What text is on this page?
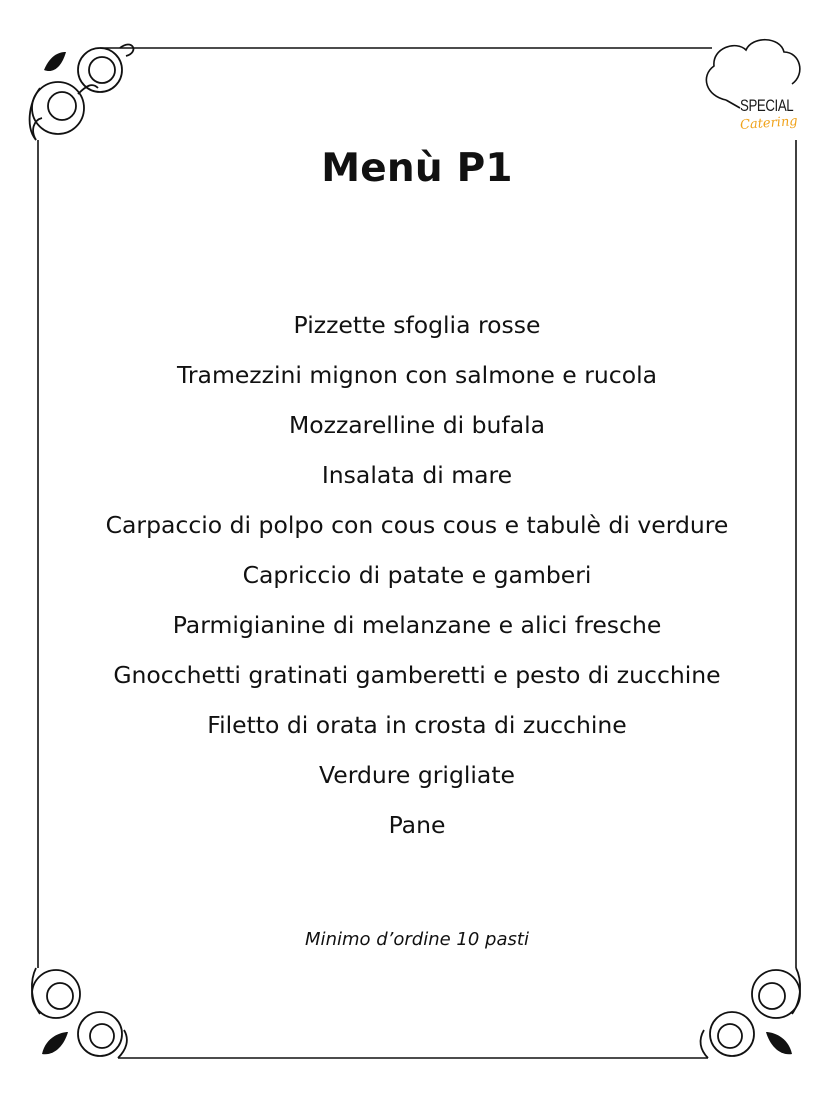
SPECIAL
Catering
Menù P1
Pizzette sfoglia rosse
Tramezzini mignon con salmone e rucola
Mozzarelline di bufala
Insalata di mare
Carpaccio di polpo con cous cous e tabulè di verdure
Capriccio di patate e gamberi
Parmigianine di melanzane e alici fresche
Gnocchetti gratinati gamberetti e pesto di zucchine
Filetto di orata in crosta di zucchine
Verdure grigliate
Pane

Minimo d’ordine 10 pasti
